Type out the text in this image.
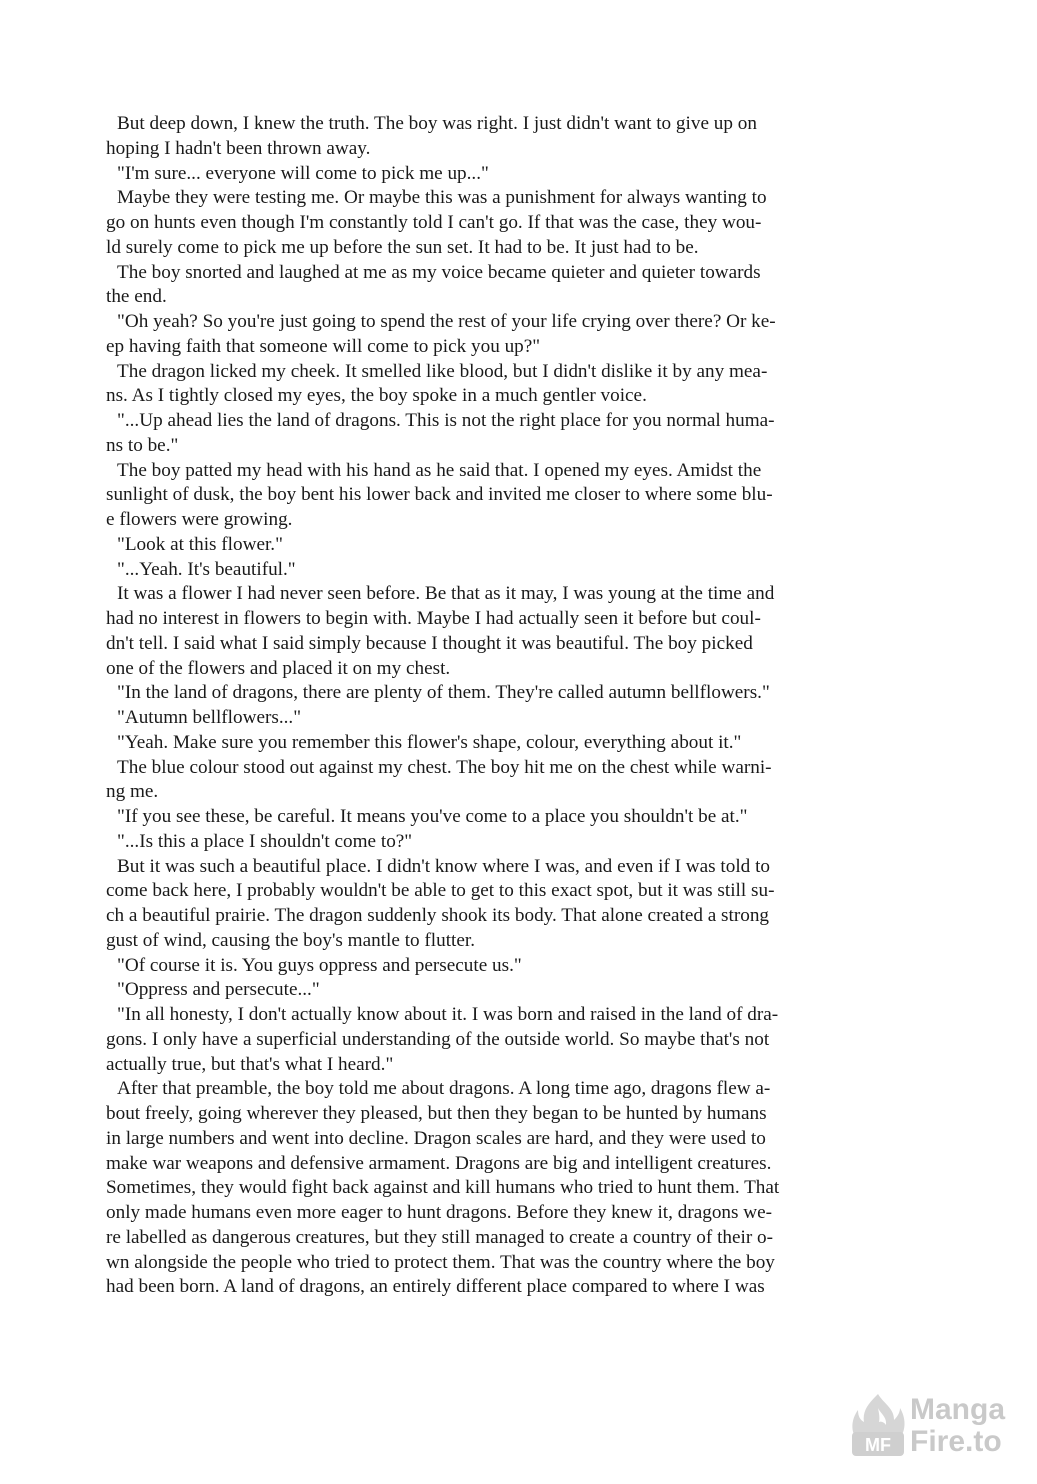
But deep down, I knew the truth. The boy was right. I just didn't want to give up on
hoping I hadn't been thrown away.
"I'm sure... everyone will come to pick me up..."
Maybe they were testing me. Or maybe this was a punishment for always wanting to
go on hunts even though I'm constantly told I can't go. If that was the case, they wou-
ld surely come to pick me up before the sun set. It had to be. It just had to be.
The boy snorted and laughed at me as my voice became quieter and quieter towards
the end.
"Oh yeah? So you're just going to spend the rest of your life crying over there? Or ke-
ep having faith that someone will come to pick you up?"
The dragon licked my cheek. It smelled like blood, but I didn't dislike it by any mea-
ns. As I tightly closed my eyes, the boy spoke in a much gentler voice.
"...Up ahead lies the land of dragons. This is not the right place for you normal huma-
ns to be."
The boy patted my head with his hand as he said that. I opened my eyes. Amidst the
sunlight of dusk, the boy bent his lower back and invited me closer to where some blu-
e flowers were growing.
"Look at this flower."
"...Yeah. It's beautiful."
It was a flower I had never seen before. Be that as it may, I was young at the time and
had no interest in flowers to begin with. Maybe I had actually seen it before but coul-
dn't tell. I said what I said simply because I thought it was beautiful. The boy picked
one of the flowers and placed it on my chest.
"In the land of dragons, there are plenty of them. They're called autumn bellflowers."
"Autumn bellflowers..."
"Yeah. Make sure you remember this flower's shape, colour, everything about it."
The blue colour stood out against my chest. The boy hit me on the chest while warni-
ng me.
"If you see these, be careful. It means you've come to a place you shouldn't be at."
"...Is this a place I shouldn't come to?"
But it was such a beautiful place. I didn't know where I was, and even if I was told to
come back here, I probably wouldn't be able to get to this exact spot, but it was still su-
ch a beautiful prairie. The dragon suddenly shook its body. That alone created a strong
gust of wind, causing the boy's mantle to flutter.
"Of course it is. You guys oppress and persecute us."
"Oppress and persecute..."
"In all honesty, I don't actually know about it. I was born and raised in the land of dra-
gons. I only have a superficial understanding of the outside world. So maybe that's not
actually true, but that's what I heard."
After that preamble, the boy told me about dragons. A long time ago, dragons flew a-
bout freely, going wherever they pleased, but then they began to be hunted by humans
in large numbers and went into decline. Dragon scales are hard, and they were used to
make war weapons and defensive armament. Dragons are big and intelligent creatures.
Sometimes, they would fight back against and kill humans who tried to hunt them. That
only made humans even more eager to hunt dragons. Before they knew it, dragons we-
re labelled as dangerous creatures, but they still managed to create a country of their o-
wn alongside the people who tried to protect them. That was the country where the boy
had been born. A land of dragons, an entirely different place compared to where I was
MF
Manga
Fire.to
